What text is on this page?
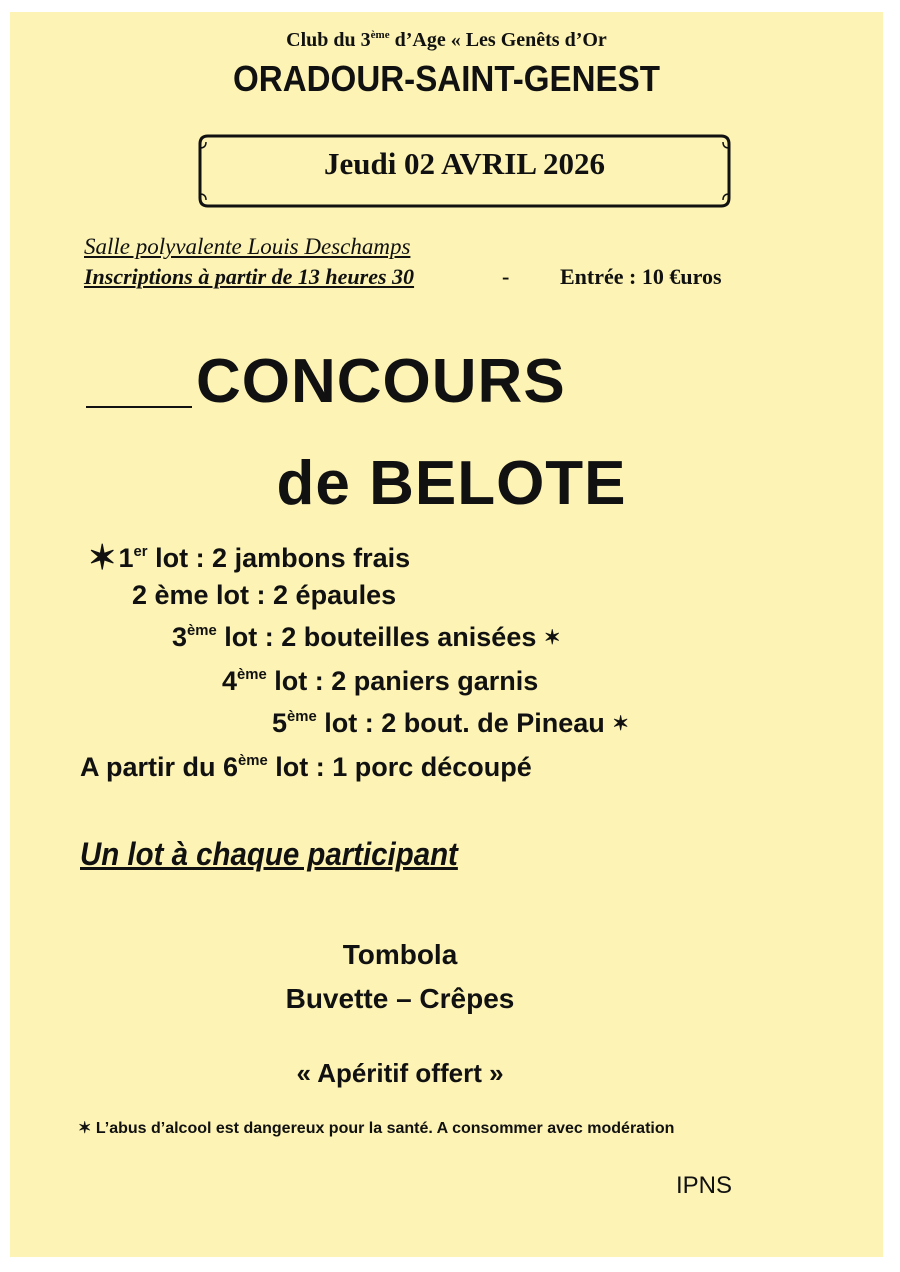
Club du 3ème d’Age « Les Genêts d’Or
ORADOUR-SAINT-GENEST
Jeudi 02 AVRIL 2026
Salle polyvalente Louis Deschamps
Inscriptions à partir de 13 heures 30	- Entrée : 10 €uros
CONCOURS
de BELOTE
✶1er lot : 2 jambons frais
2 ème lot : 2 épaules
3ème lot : 2 bouteilles anisées ✶
4ème lot : 2 paniers garnis
5ème lot : 2 bout. de Pineau ✶
A partir du 6ème lot : 1 porc découpé
Un lot à chaque participant
Tombola
Buvette – Crêpes
« Apéritif offert »
✶ L’abus d’alcool est dangereux pour la santé. A consommer avec modération
IPNS
